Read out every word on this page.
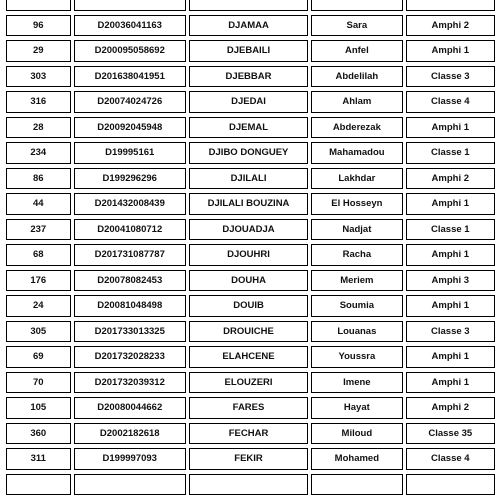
96	D20036041163	DJAMAA	Sara	Amphi 2
29	D200095058692	DJEBAILI	Anfel	Amphi 1
303	D201638041951	DJEBBAR	Abdelilah	Classe 3
316	D20074024726	DJEDAI	Ahlam	Classe 4
28	D20092045948	DJEMAL	Abderezak	Amphi 1
234	D19995161	DJIBO DONGUEY	Mahamadou	Classe 1
86	D199296296	DJILALI	Lakhdar	Amphi 2
44	D201432008439	DJILALI BOUZINA	El Hosseyn	Amphi 1
237	D20041080712	DJOUADJA	Nadjat	Classe 1
68	D201731087787	DJOUHRI	Racha	Amphi 1
176	D20078082453	DOUHA	Meriem	Amphi 3
24	D20081048498	DOUIB	Soumia	Amphi 1
305	D201733013325	DROUICHE	Louanas	Classe 3
69	D201732028233	ELAHCENE	Youssra	Amphi 1
70	D201732039312	ELOUZERI	Imene	Amphi 1
105	D20080044662	FARES	Hayat	Amphi 2
360	D2002182618	FECHAR	Miloud	Classe 35
311	D199997093	FEKIR	Mohamed	Classe 4
